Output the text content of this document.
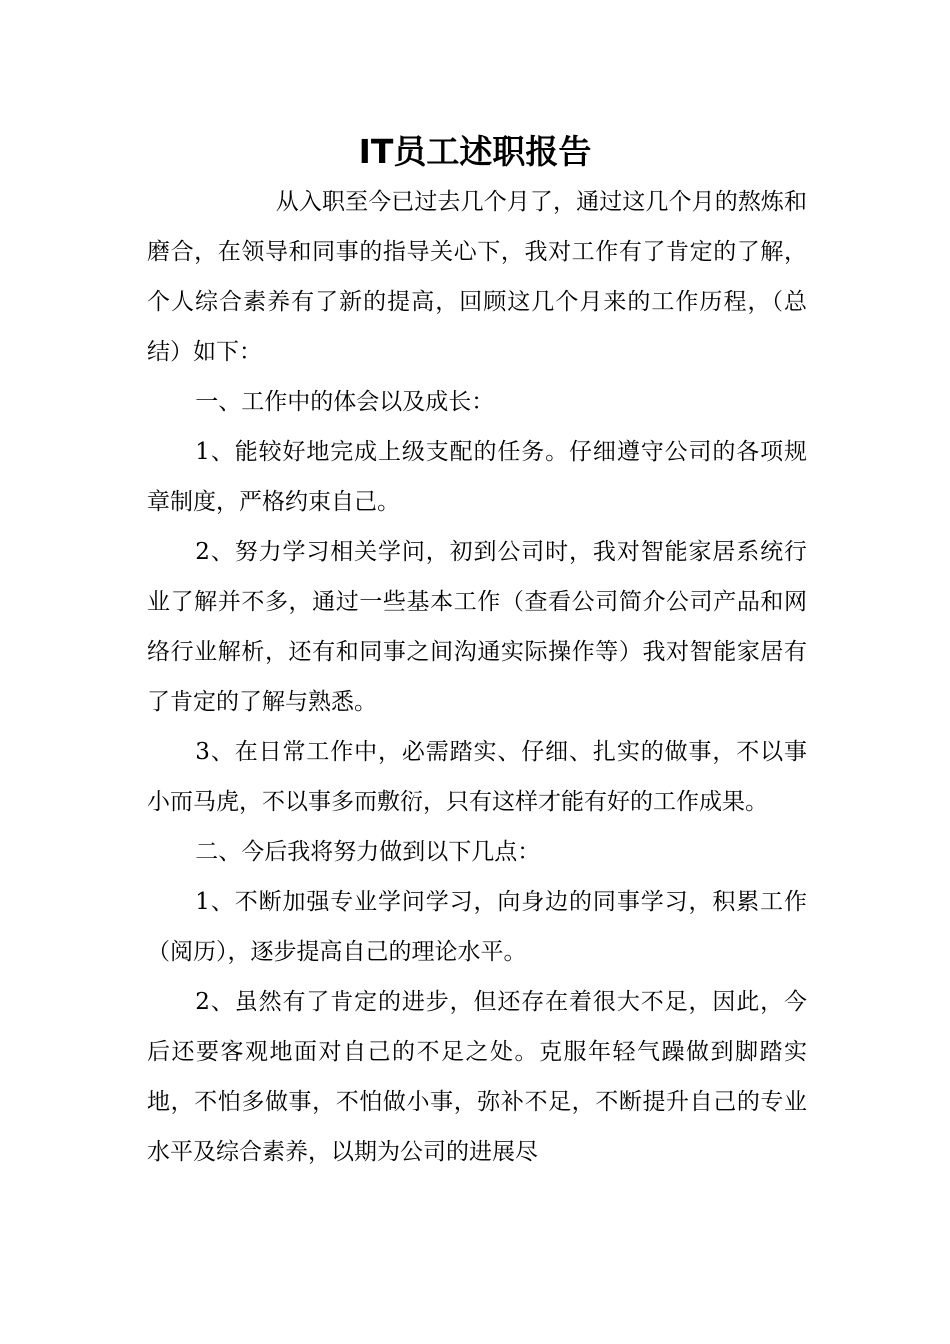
IT员工述职报告

从入职至今已过去几个月了，通过这几个月的熬炼和磨合，在领导和同事的指导关心下，我对工作有了肯定的了解，个人综合素养有了新的提高，回顾这几个月来的工作历程，（总结）如下：

一、工作中的体会以及成长：

1、能较好地完成上级支配的任务。仔细遵守公司的各项规章制度，严格约束自己。

2、努力学习相关学问，初到公司时，我对智能家居系统行业了解并不多，通过一些基本工作（查看公司简介公司产品和网络行业解析，还有和同事之间沟通实际操作等）我对智能家居有了肯定的了解与熟悉。

3、在日常工作中，必需踏实、仔细、扎实的做事，不以事小而马虎，不以事多而敷衍，只有这样才能有好的工作成果。

二、今后我将努力做到以下几点：

1、不断加强专业学问学习，向身边的同事学习，积累工作（阅历），逐步提高自己的理论水平。

2、虽然有了肯定的进步，但还存在着很大不足，因此，今后还要客观地面对自己的不足之处。克服年轻气躁做到脚踏实地，不怕多做事，不怕做小事，弥补不足，不断提升自己的专业水平及综合素养，以期为公司的进展尽
